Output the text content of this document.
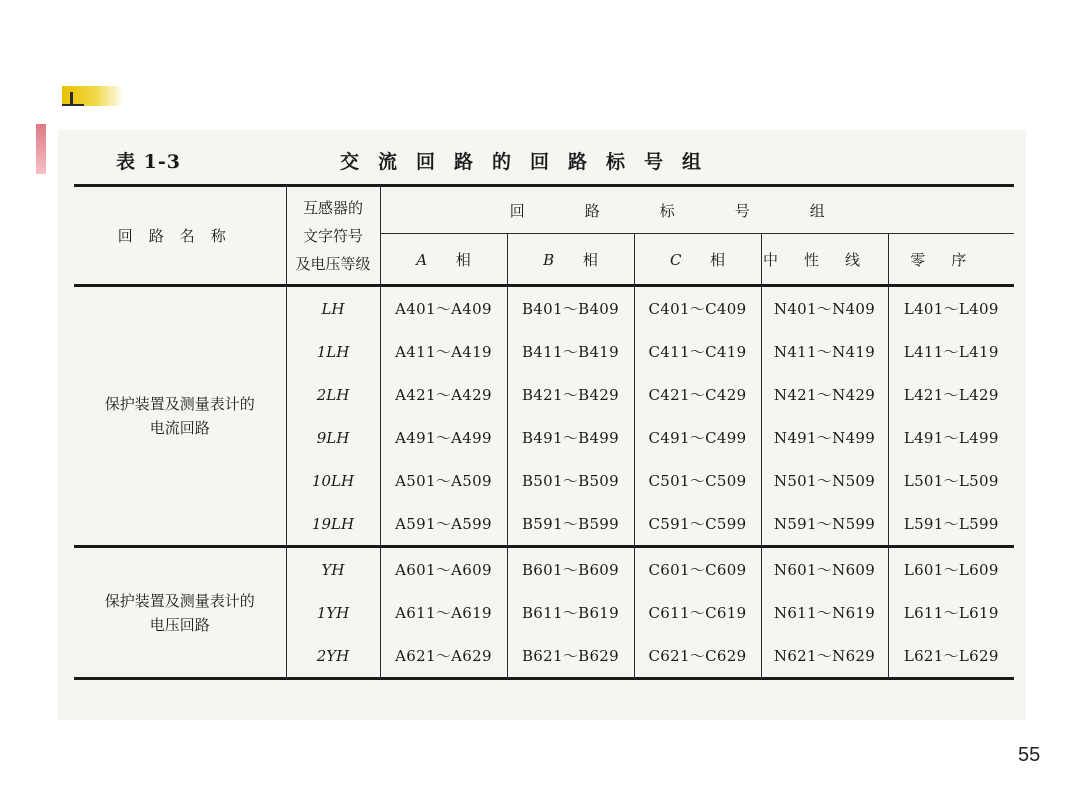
表 1-3	交流回路的回路标号组
回路名称	互感器的
文字符号
及电压等级	回路标号组				
		A 相	B 相	C 相	中性线	零序

保护装置及测量表计的
电流回路	LH	A401～A409	B401～B409	C401～C409	N401～N409	L401～L409
	1LH	A411～A419	B411～B419	C411～C419	N411～N419	L411～L419
	2LH	A421～A429	B421～B429	C421～C429	N421～N429	L421～L429
	9LH	A491～A499	B491～B499	C491～C499	N491～N499	L491～L499
	10LH	A501～A509	B501～B509	C501～C509	N501～N509	L501～L509
	19LH	A591～A599	B591～B599	C591～C599	N591～N599	L591～L599

保护装置及测量表计的
电压回路	YH	A601～A609	B601～B609	C601～C609	N601～N609	L601～L609
	1YH	A611～A619	B611～B619	C611～C619	N611～N619	L611～L619
	2YH	A621～A629	B621～B629	C621～C629	N621～N629	L621～L629
55
